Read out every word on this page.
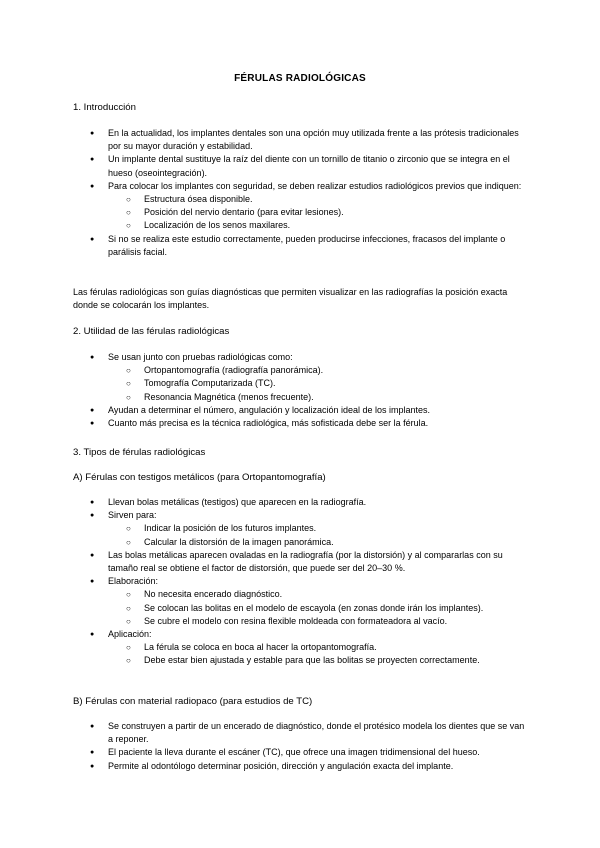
FÉRULAS RADIOLÓGICAS
1. Introducción
● En la actualidad, los implantes dentales son una opción muy utilizada frente a las prótesis tradicionales por su mayor duración y estabilidad.
● Un implante dental sustituye la raíz del diente con un tornillo de titanio o zirconio que se integra en el hueso (oseointegración).
● Para colocar los implantes con seguridad, se deben realizar estudios radiológicos previos que indiquen:
○ Estructura ósea disponible.
○ Posición del nervio dentario (para evitar lesiones).
○ Localización de los senos maxilares.
● Si no se realiza este estudio correctamente, pueden producirse infecciones, fracasos del implante o parálisis facial.
Las férulas radiológicas son guías diagnósticas que permiten visualizar en las radiografías la posición exacta donde se colocarán los implantes.
2. Utilidad de las férulas radiológicas
● Se usan junto con pruebas radiológicas como:
○ Ortopantomografía (radiografía panorámica).
○ Tomografía Computarizada (TC).
○ Resonancia Magnética (menos frecuente).
● Ayudan a determinar el número, angulación y localización ideal de los implantes.
● Cuanto más precisa es la técnica radiológica, más sofisticada debe ser la férula.
3. Tipos de férulas radiológicas
A) Férulas con testigos metálicos (para Ortopantomografía)
● Llevan bolas metálicas (testigos) que aparecen en la radiografía.
● Sirven para:
○ Indicar la posición de los futuros implantes.
○ Calcular la distorsión de la imagen panorámica.
● Las bolas metálicas aparecen ovaladas en la radiografía (por la distorsión) y al compararlas con su tamaño real se obtiene el factor de distorsión, que puede ser del 20–30 %.
● Elaboración:
○ No necesita encerado diagnóstico.
○ Se colocan las bolitas en el modelo de escayola (en zonas donde irán los implantes).
○ Se cubre el modelo con resina flexible moldeada con formateadora al vacío.
● Aplicación:
○ La férula se coloca en boca al hacer la ortopantomografía.
○ Debe estar bien ajustada y estable para que las bolitas se proyecten correctamente.
B) Férulas con material radiopaco (para estudios de TC)
● Se construyen a partir de un encerado de diagnóstico, donde el protésico modela los dientes que se van a reponer.
● El paciente la lleva durante el escáner (TC), que ofrece una imagen tridimensional del hueso.
● Permite al odontólogo determinar posición, dirección y angulación exacta del implante.
